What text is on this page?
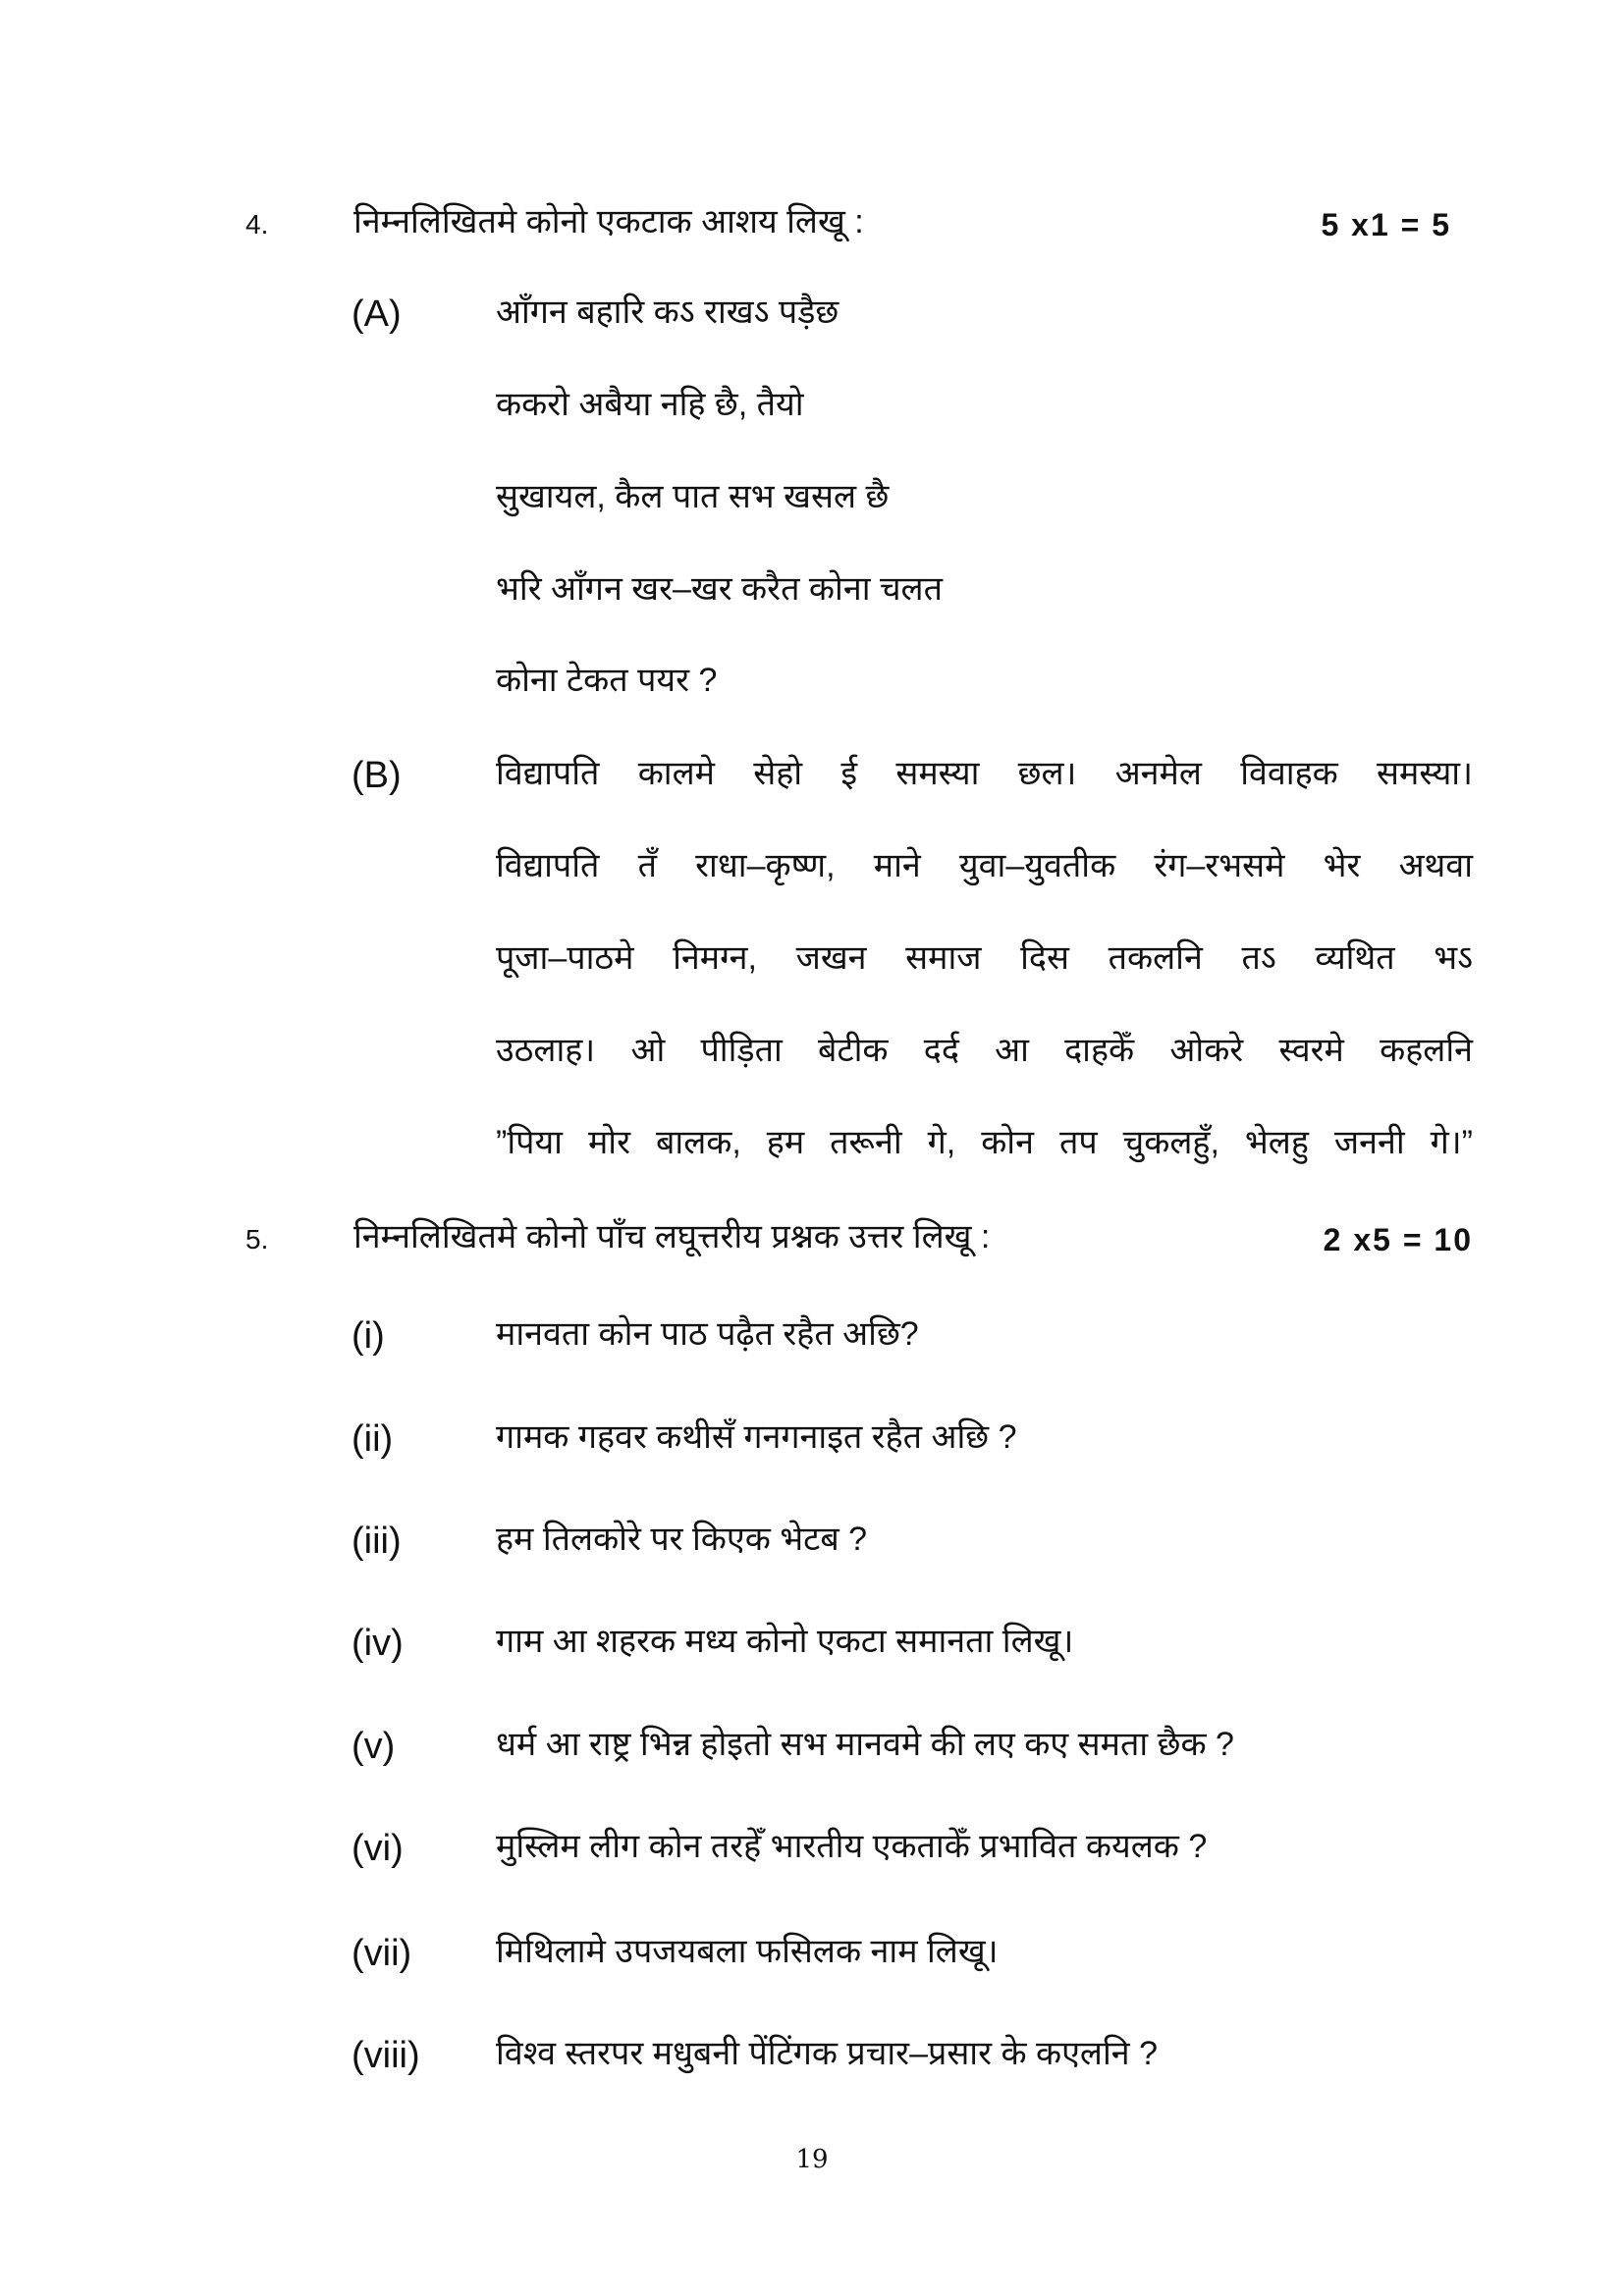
4.	निम्नलिखितमे कोनो एकटाक आशय लिखू :	5 x1 = 5
(A)	आँगन बहारि कऽ राखऽ पड़ैछ
ककरो अबैया नहि छै, तैयो
सुखायल, कैल पात सभ खसल छै
भरि आँगन खर–खर करैत कोना चलत
कोना टेकत पयर ?
(B)	विद्यापति कालमे सेहो ई समस्या छल। अनमेल विवाहक समस्या।
विद्यापति तँ राधा–कृष्ण, माने युवा–युवतीक रंग–रभसमे भेर अथवा
पूजा–पाठमे निमग्न, जखन समाज दिस तकलनि तऽ व्यथित भऽ
उठलाह। ओ पीड़िता बेटीक दर्द आ दाहकेँ ओकरे स्वरमे कहलनि
”पिया मोर बालक, हम तरूनी गे, कोन तप चुकलहुँ, भेलहु जननी गे।”
5.	निम्नलिखितमे कोनो पाँच लघूत्तरीय प्रश्नक उत्तर लिखू :	2 x5 = 10
(i)	मानवता कोन पाठ पढ़ैत रहैत अछि?
(ii)	गामक गहवर कथीसँ गनगनाइत रहैत अछि ?
(iii)	हम तिलकोरे पर किएक भेटब ?
(iv)	गाम आ शहरक मध्य कोनो एकटा समानता लिखू।
(v)	धर्म आ राष्ट्र भिन्न होइतो सभ मानवमे की लए कए समता छैक ?
(vi)	मुस्लिम लीग कोन तरहेँ भारतीय एकताकेँ प्रभावित कयलक ?
(vii)	मिथिलामे उपजयबला फसिलक नाम लिखू।
(viii) विश्व स्तरपर मधुबनी पेंटिंगक प्रचार–प्रसार के कएलनि ?
19
